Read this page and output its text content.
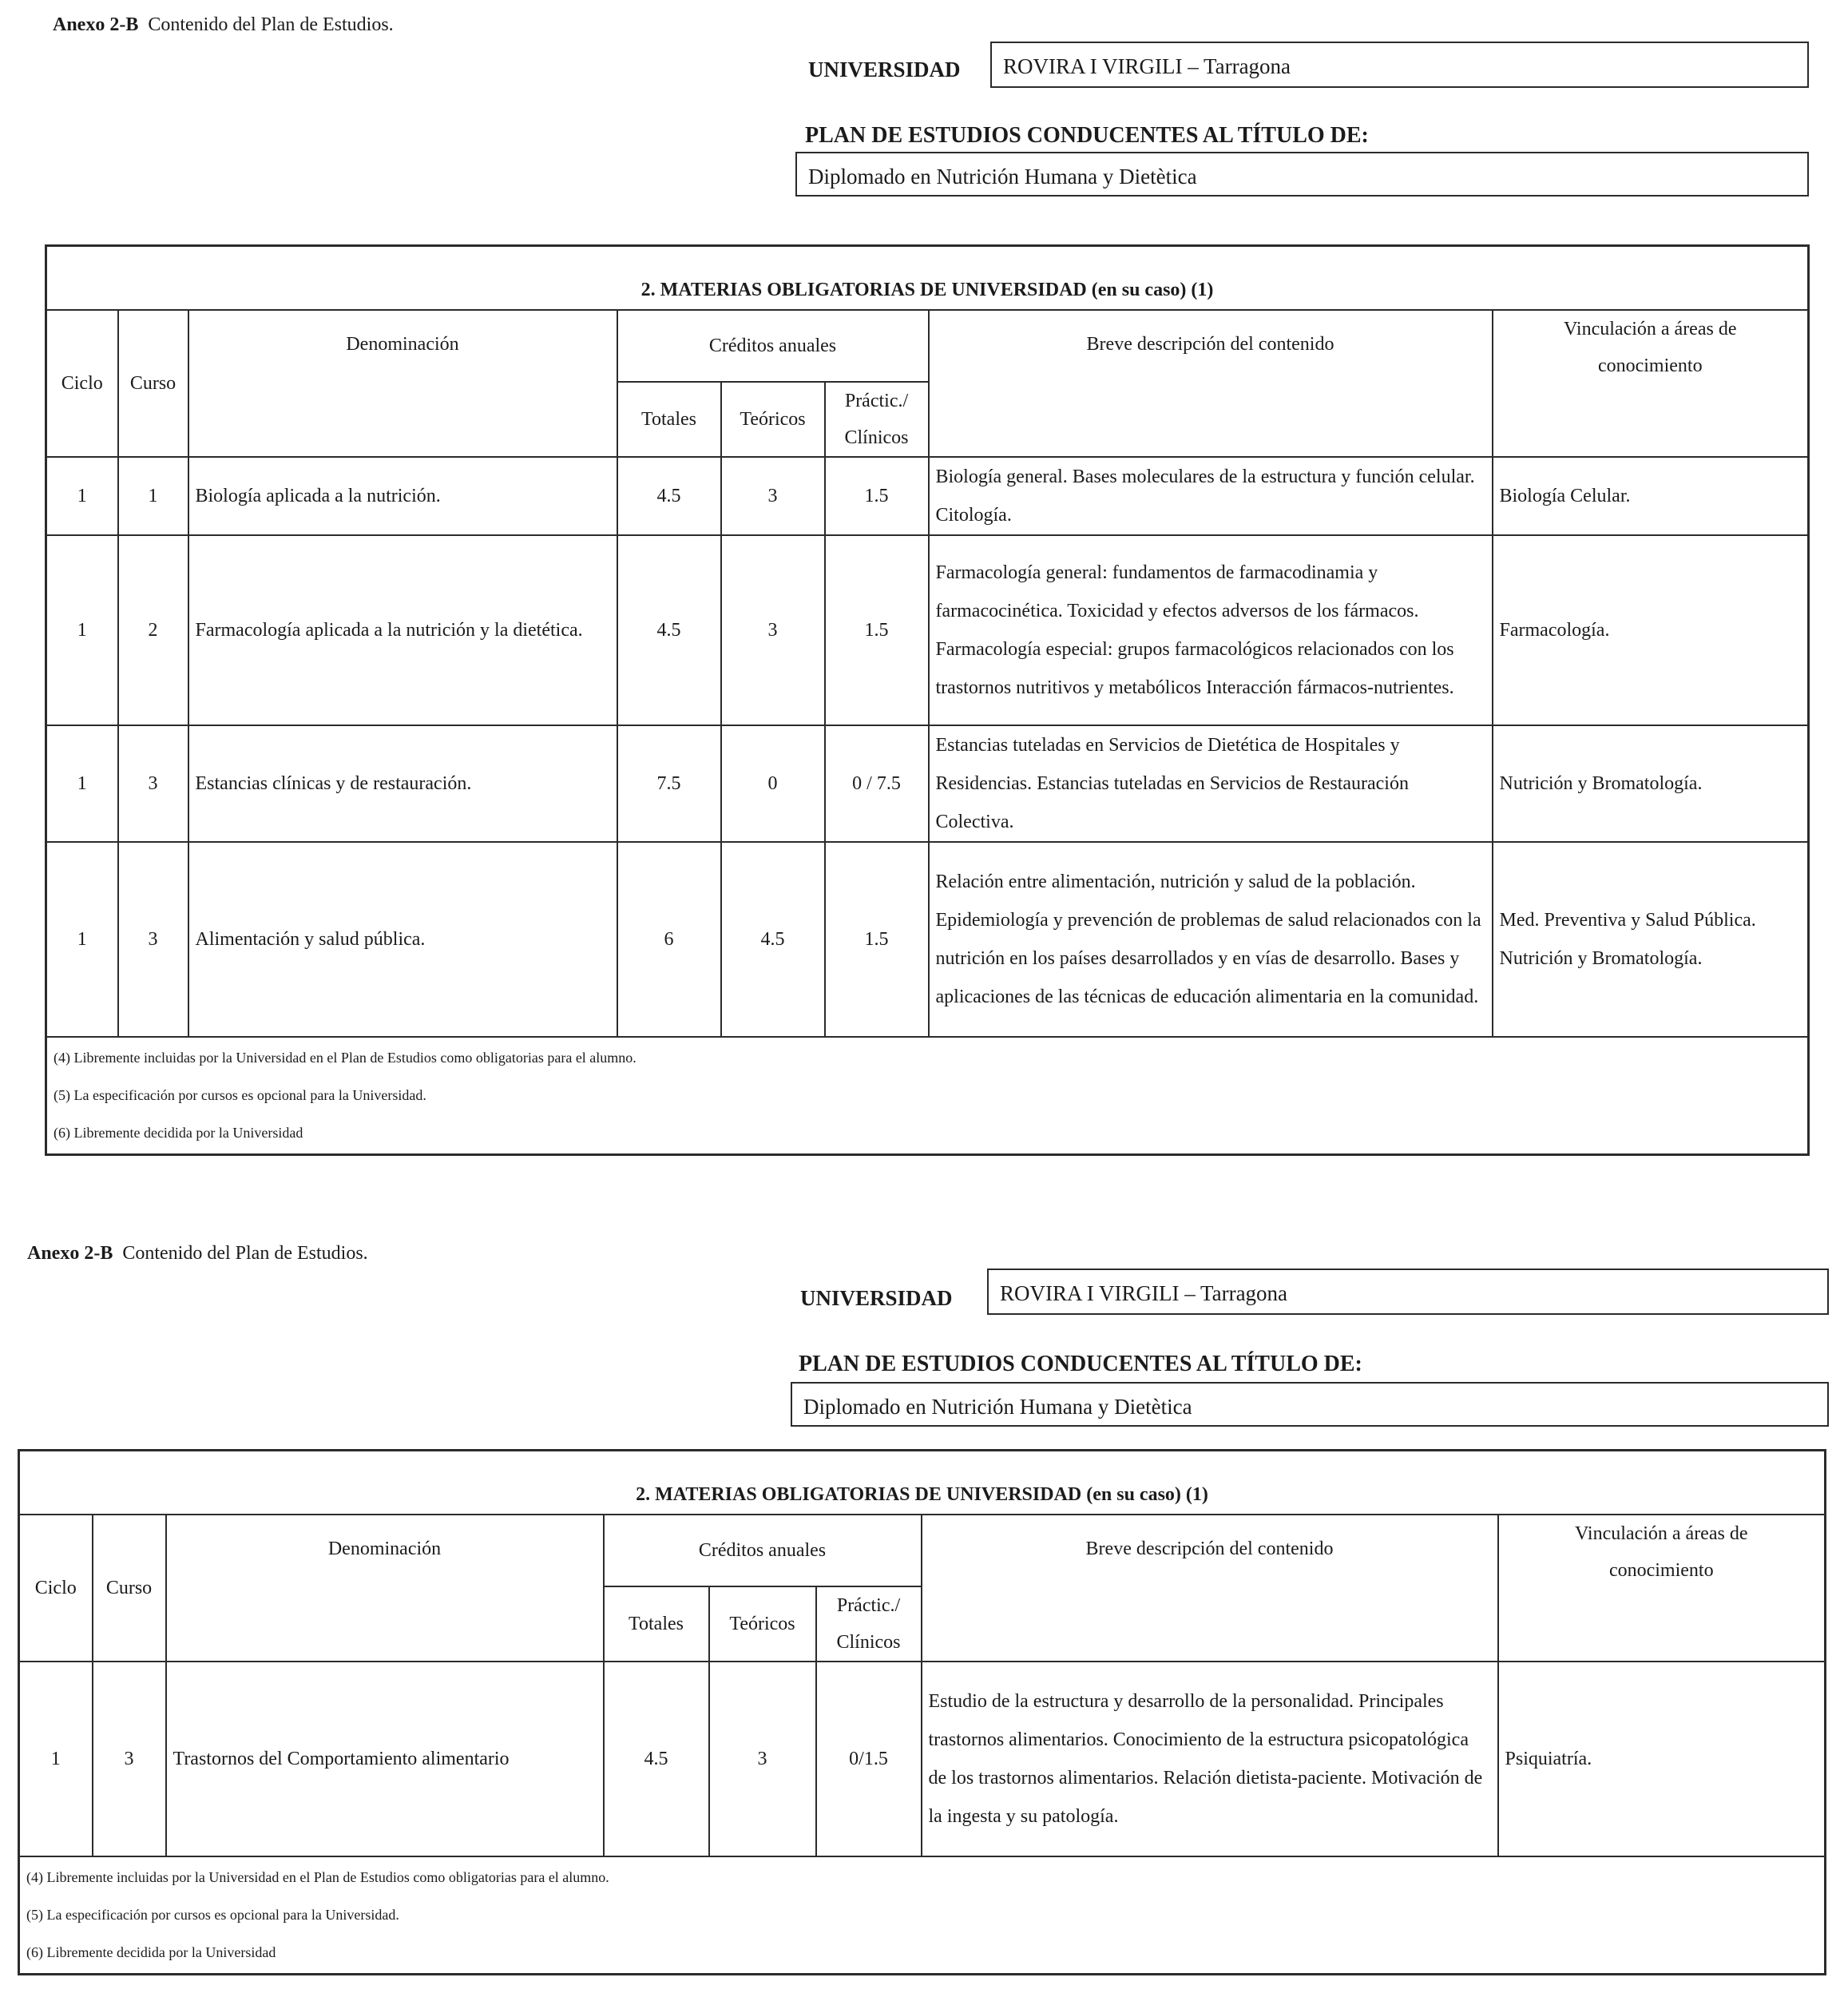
Anexo 2-B Contenido del Plan de Estudios.
UNIVERSIDAD	ROVIRA I VIRGILI – Tarragona
PLAN DE ESTUDIOS CONDUCENTES AL TÍTULO DE:
Diplomado en Nutrición Humana y Dietètica
2. MATERIAS OBLIGATORIAS DE UNIVERSIDAD (en su caso) (1)							
Ciclo	Curso	Denominación	Créditos anuales			Breve descripción del contenido	Vinculación a áreas de
conocimiento

			Totales	Teóricos	Práctic./
Clínicos		

1	1	Biología aplicada a la nutrición.	4.5	3	1.5	Biología general. Bases moleculares de la estructura y función celular. Citología.	Biología Celular.
1	2	Farmacología aplicada a la nutrición y la dietética.	4.5	3	1.5	Farmacología general: fundamentos de farmacodinamia y farmacocinética. Toxicidad y efectos adversos de los fármacos. Farmacología especial: grupos farmacológicos relacionados con los trastornos nutritivos y metabólicos Interacción fármacos-nutrientes.	Farmacología.
1	3	Estancias clínicas y de restauración.	7.5	0	0 / 7.5	Estancias tuteladas en Servicios de Dietética de Hospitales y Residencias. Estancias tuteladas en Servicios de Restauración Colectiva.	Nutrición y Bromatología.
1	3	Alimentación y salud pública.	6	4.5	1.5	Relación entre alimentación, nutrición y salud de la población. Epidemiología y prevención de problemas de salud relacionados con la nutrición en los países desarrollados y en vías de desarrollo. Bases y aplicaciones de las técnicas de educación alimentaria en la comunidad.	Med. Preventiva y Salud Pública. Nutrición y Bromatología.

(4) Libremente incluidas por la Universidad en el Plan de Estudios como obligatorias para el alumno.
(5) La especificación por cursos es opcional para la Universidad.
(6) Libremente decidida por la Universidad							
Anexo 2-B Contenido del Plan de Estudios.
UNIVERSIDAD	ROVIRA I VIRGILI – Tarragona
PLAN DE ESTUDIOS CONDUCENTES AL TÍTULO DE:
Diplomado en Nutrición Humana y Dietètica
2. MATERIAS OBLIGATORIAS DE UNIVERSIDAD (en su caso) (1)							
Ciclo	Curso	Denominación	Créditos anuales			Breve descripción del contenido	Vinculación a áreas de
conocimiento

			Totales	Teóricos	Práctic./
Clínicos		

1	3	Trastornos del Comportamiento alimentario	4.5	3	0/1.5	Estudio de la estructura y desarrollo de la personalidad. Principales trastornos alimentarios. Conocimiento de la estructura psicopatológica de los trastornos alimentarios. Relación dietista-paciente. Motivación de la ingesta y su patología.	Psiquiatría.

(4) Libremente incluidas por la Universidad en el Plan de Estudios como obligatorias para el alumno.
(5) La especificación por cursos es opcional para la Universidad.
(6) Libremente decidida por la Universidad							
